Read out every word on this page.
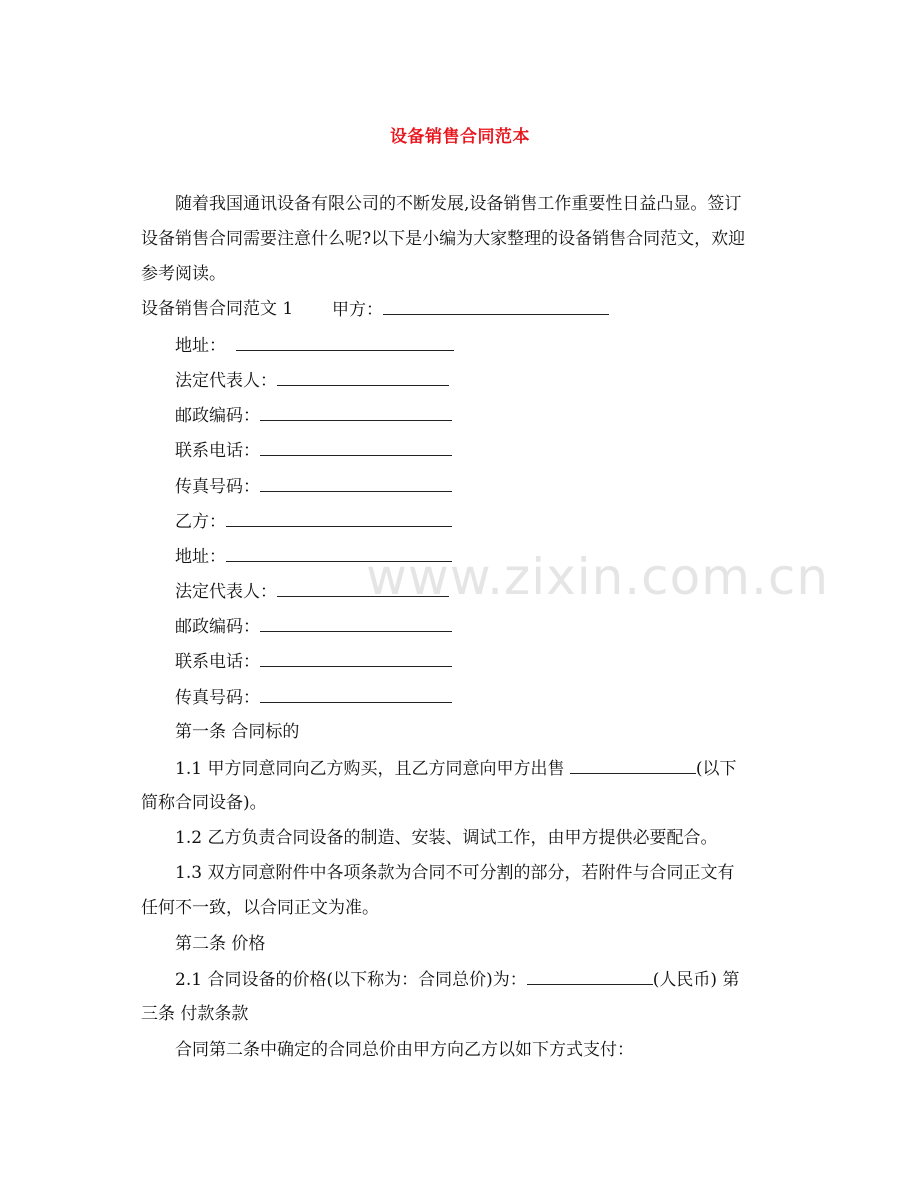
设备销售合同范本
随着我国通讯设备有限公司的不断发展,设备销售工作重要性日益凸显。签订
设备销售合同需要注意什么呢?以下是小编为大家整理的设备销售合同范文，欢迎
参考阅读。
设备销售合同范文 1 甲方：
地址：
法定代表人：
邮政编码：
联系电话：
传真号码：
乙方：
地址：
法定代表人：
邮政编码：
联系电话：
传真号码：
第一条 合同标的
1.1 甲方同意同向乙方购买，且乙方同意向甲方出售	(以下
简称合同设备)。
1.2 乙方负责合同设备的制造、安装、调试工作，由甲方提供必要配合。
1.3 双方同意附件中各项条款为合同不可分割的部分，若附件与合同正文有
任何不一致，以合同正文为准。
第二条 价格
2.1 合同设备的价格(以下称为：合同总价)为：	(人民币) 第
三条 付款条款
合同第二条中确定的合同总价由甲方向乙方以如下方式支付：
www.zixin.com.cn
